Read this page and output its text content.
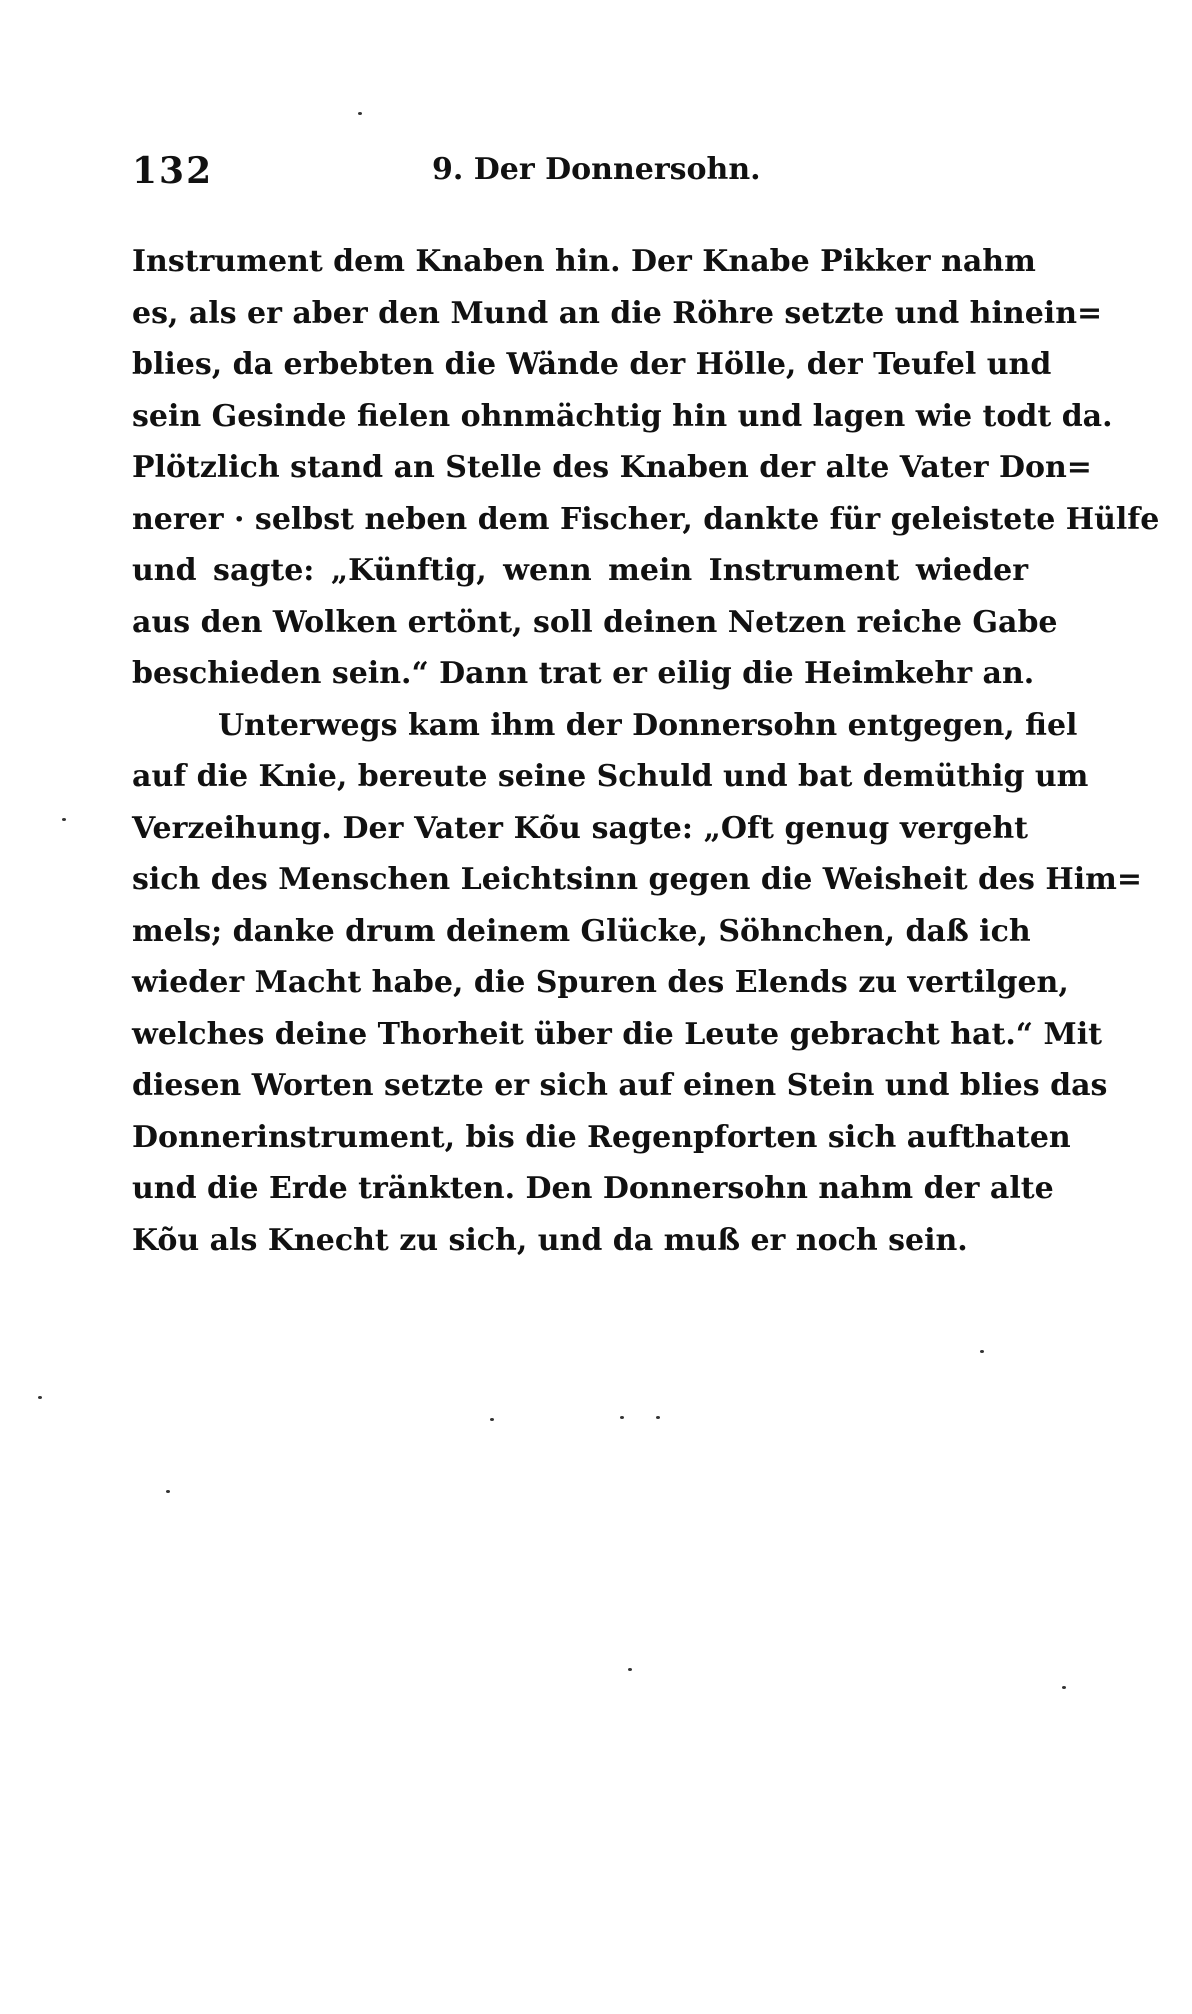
132	9. Der Donnersohn.
Instrument dem Knaben hin. Der Knabe Pikker nahm
es, als er aber den Mund an die Röhre setzte und hinein=
blies, da erbebten die Wände der Hölle, der Teufel und
sein Gesinde fielen ohnmächtig hin und lagen wie todt da.
Plötzlich stand an Stelle des Knaben der alte Vater Don=
nerer · selbst neben dem Fischer, dankte für geleistete Hülfe
und sagte: „Künftig, wenn mein Instrument wieder
aus den Wolken ertönt, soll deinen Netzen reiche Gabe
beschieden sein.“ Dann trat er eilig die Heimkehr an.
Unterwegs kam ihm der Donnersohn entgegen, fiel
auf die Knie, bereute seine Schuld und bat demüthig um
Verzeihung. Der Vater Kõu sagte: „Oft genug vergeht
sich des Menschen Leichtsinn gegen die Weisheit des Him=
mels; danke drum deinem Glücke, Söhnchen, daß ich
wieder Macht habe, die Spuren des Elends zu vertilgen,
welches deine Thorheit über die Leute gebracht hat.“ Mit
diesen Worten setzte er sich auf einen Stein und blies das
Donnerinstrument, bis die Regenpforten sich aufthaten
und die Erde tränkten. Den Donnersohn nahm der alte
Kõu als Knecht zu sich, und da muß er noch sein.
